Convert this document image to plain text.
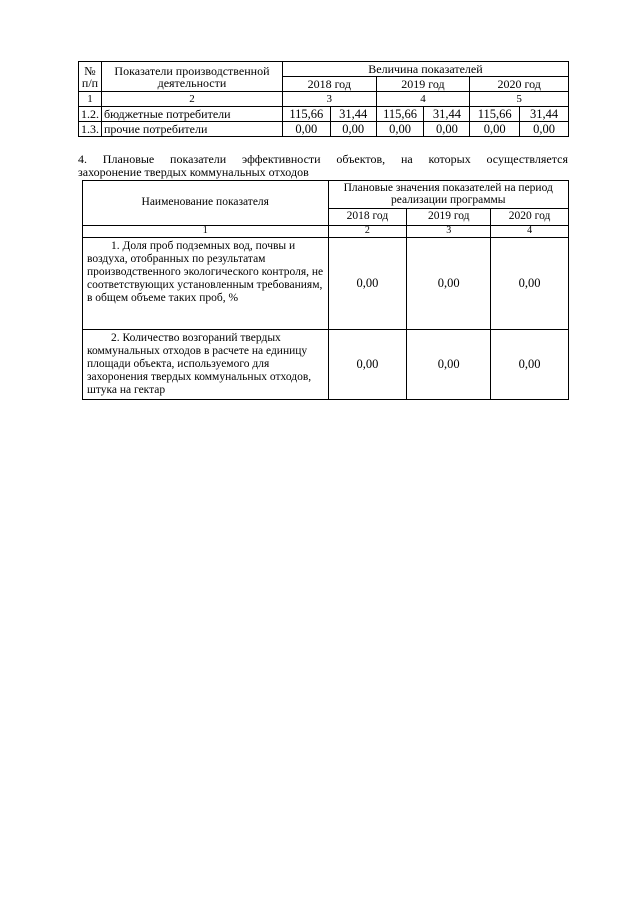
№ п/п	Показатели производственной деятельности	Величина показателей					
		2018 год		2019 год		2020 год	
1	2	3		4		5	
1.2.	бюджетные потребители	115,66	31,44	115,66	31,44	115,66	31,44
1.3.	прочие потребители	0,00	0,00	0,00	0,00	0,00	0,00

4. Плановые показатели эффективности объектов, на которых осуществляется
захоронение твердых коммунальных отходов

Наименование показателя	Плановые значения показателей на период реализации программы		
	2018 год	2019 год	2020 год
1	2	3	4
1. Доля проб подземных вод, почвы и воздуха, отобранных по результатам производственного экологического контроля, не соответствующих установленным требованиям, в общем объеме таких проб, %	0,00	0,00	0,00
2. Количество возгораний твердых коммунальных отходов в расчете на единицу площади объекта, используемого для захоронения твердых коммунальных отходов, штука на гектар	0,00	0,00	0,00
